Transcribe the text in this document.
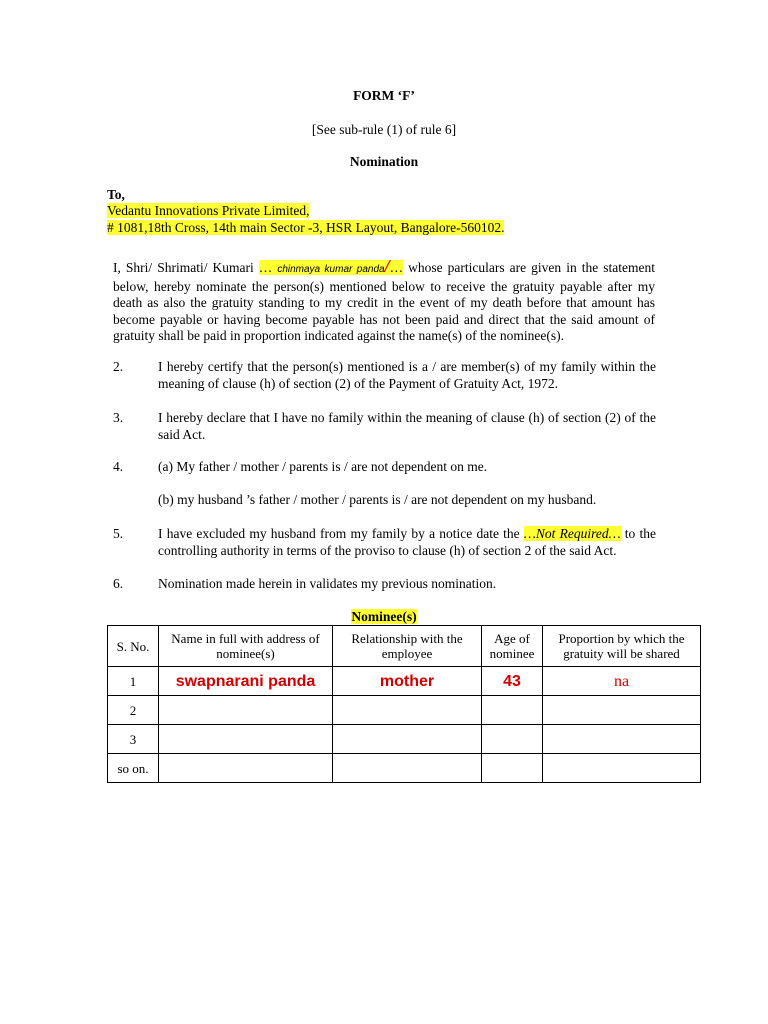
FORM ‘F’
[See sub-rule (1) of rule 6]
Nomination
To,
Vedantu Innovations Private Limited,
# 1081,18th Cross, 14th main Sector -3, HSR Layout, Bangalore-560102.
I, Shri/ Shrimati/ Kumari … chinmaya kumar panda/… whose particulars are given in the statement below, hereby nominate the person(s) mentioned below to receive the gratuity payable after my death as also the gratuity standing to my credit in the event of my death before that amount has become payable or having become payable has not been paid and direct that the said amount of gratuity shall be paid in proportion indicated against the name(s) of the nominee(s).
2.	I hereby certify that the person(s) mentioned is a / are member(s) of my family within the meaning of clause (h) of section (2) of the Payment of Gratuity Act, 1972.
3.	I hereby declare that I have no family within the meaning of clause (h) of section (2) of the said Act.
4.	(a) My father / mother / parents is / are not dependent on me.
(b) my husband ’s father / mother / parents is / are not dependent on my husband.
5.	I have excluded my husband from my family by a notice date the …Not Required… to the controlling authority in terms of the proviso to clause (h) of section 2 of the said Act.
6.	Nomination made herein in validates my previous nomination.
Nominee(s)
S. No.	Name in full with address of nominee(s)	Relationship with the employee	Age of nominee	Proportion by which the gratuity will be shared
1	swapnarani panda	mother	43	na
2				
3				
so on.				
